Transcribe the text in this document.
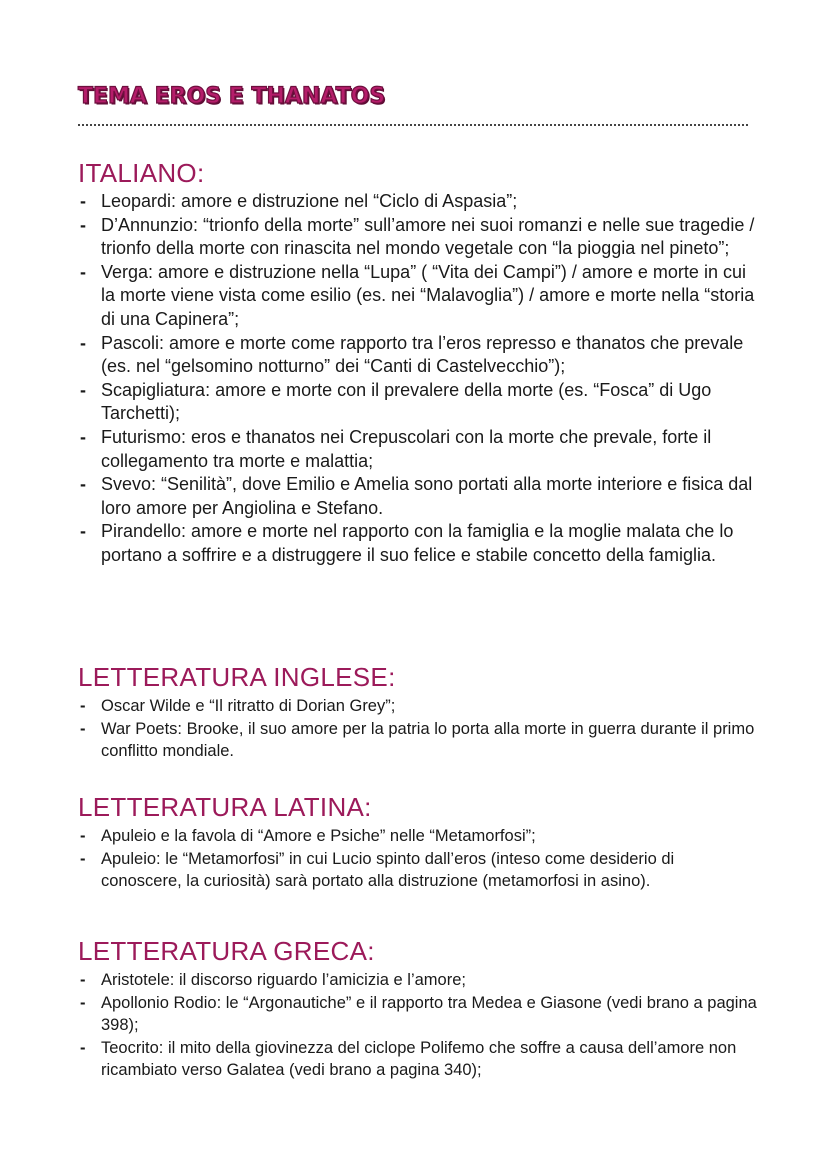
TEMA EROS E THANATOS
ITALIANO:
- Leopardi: amore e distruzione nel “Ciclo di Aspasia”;
- D’Annunzio: “trionfo della morte” sull’amore nei suoi romanzi e nelle sue tragedie / trionfo della morte con rinascita nel mondo vegetale con “la pioggia nel pineto”;
- Verga: amore e distruzione nella “Lupa” ( “Vita dei Campi”) / amore e morte in cui la morte viene vista come esilio (es. nei “Malavoglia”) / amore e morte nella “storia di una Capinera”;
- Pascoli: amore e morte come rapporto tra l’eros represso e thanatos che prevale (es. nel “gelsomino notturno” dei “Canti di Castelvecchio”);
- Scapigliatura: amore e morte con il prevalere della morte (es. “Fosca” di Ugo Tarchetti);
- Futurismo: eros e thanatos nei Crepuscolari con la morte che prevale, forte il collegamento tra morte e malattia;
- Svevo: “Senilità”, dove Emilio e Amelia sono portati alla morte interiore e fisica dal loro amore per Angiolina e Stefano.
- Pirandello: amore e morte nel rapporto con la famiglia e la moglie malata che lo portano a soffrire e a distruggere il suo felice e stabile concetto della famiglia.
LETTERATURA INGLESE:
- Oscar Wilde e “Il ritratto di Dorian Grey”;
- War Poets: Brooke, il suo amore per la patria lo porta alla morte in guerra durante il primo conflitto mondiale.
LETTERATURA LATINA:
- Apuleio e la favola di “Amore e Psiche” nelle “Metamorfosi”;
- Apuleio: le “Metamorfosi” in cui Lucio spinto dall’eros (inteso come desiderio di conoscere, la curiosità) sarà portato alla distruzione (metamorfosi in asino).
LETTERATURA GRECA:
- Aristotele: il discorso riguardo l’amicizia e l’amore;
- Apollonio Rodio: le “Argonautiche” e il rapporto tra Medea e Giasone (vedi brano a pagina 398);
- Teocrito: il mito della giovinezza del ciclope Polifemo che soffre a causa dell’amore non ricambiato verso Galatea (vedi brano a pagina 340);
